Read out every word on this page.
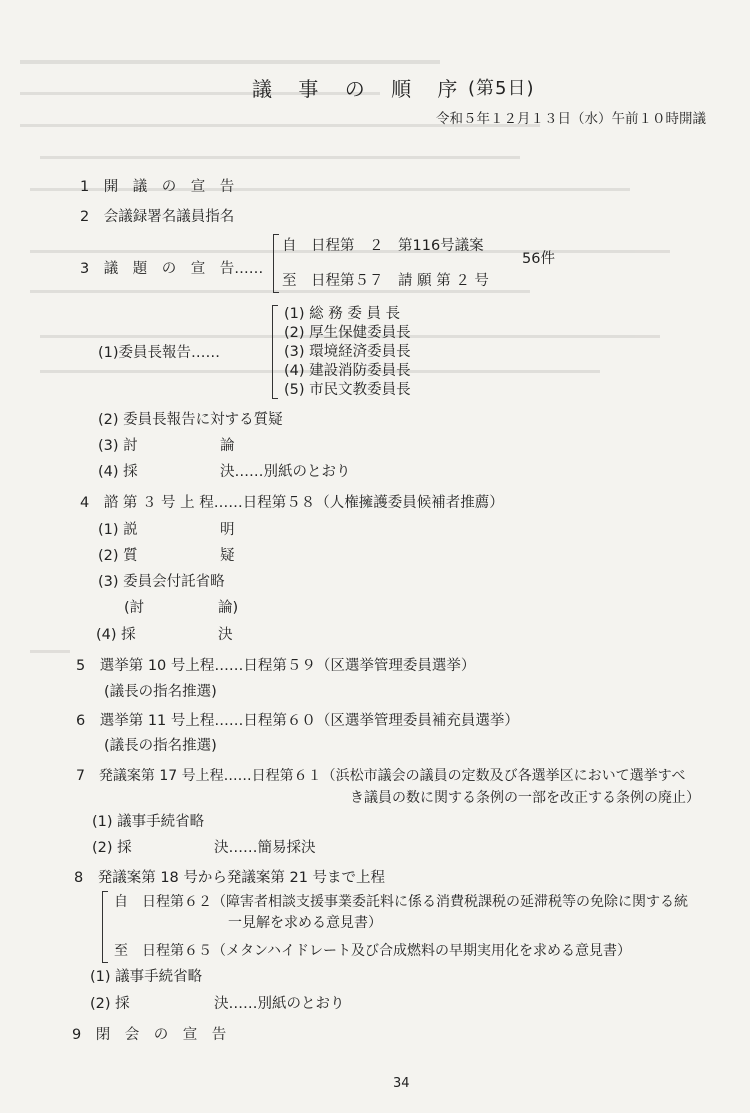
議 事 の 順 序 (第5日)
令和５年１２月１３日（水）午前１０時開議
1　開　議　の　宣　告
2　会議録署名議員指名
自　日程第　２　第116号議案
3　議　題　の　宣　告……
56件
至　日程第５７　請 願 第 ２ 号
(1) 総 務 委 員 長
(2) 厚生保健委員長
(1)委員長報告……	(3) 環境経済委員長
(4) 建設消防委員長
(5) 市民文教委員長
(2) 委員長報告に対する質疑
(3) 討	論
(4) 採	決……別紙のとおり
4　諮 第 ３ 号 上 程……日程第５８（人権擁護委員候補者推薦）
(1) 説	明
(2) 質	疑
(3) 委員会付託省略
(討	論)
(4) 採	決
5　選挙第 10 号上程……日程第５９（区選挙管理委員選挙）
(議長の指名推選)
6　選挙第 11 号上程……日程第６０（区選挙管理委員補充員選挙）
(議長の指名推選)
7　発議案第 17 号上程……日程第６１（浜松市議会の議員の定数及び各選挙区において選挙すべ
き議員の数に関する条例の一部を改正する条例の廃止）
(1) 議事手続省略
(2) 採	決……簡易採決
8　発議案第 18 号から発議案第 21 号まで上程
自　日程第６２（障害者相談支援事業委託料に係る消費税課税の延滞税等の免除に関する統
一見解を求める意見書）
至　日程第６５（メタンハイドレート及び合成燃料の早期実用化を求める意見書）
(1) 議事手続省略
(2) 採	決……別紙のとおり
9　閉　会　の　宣　告
34
